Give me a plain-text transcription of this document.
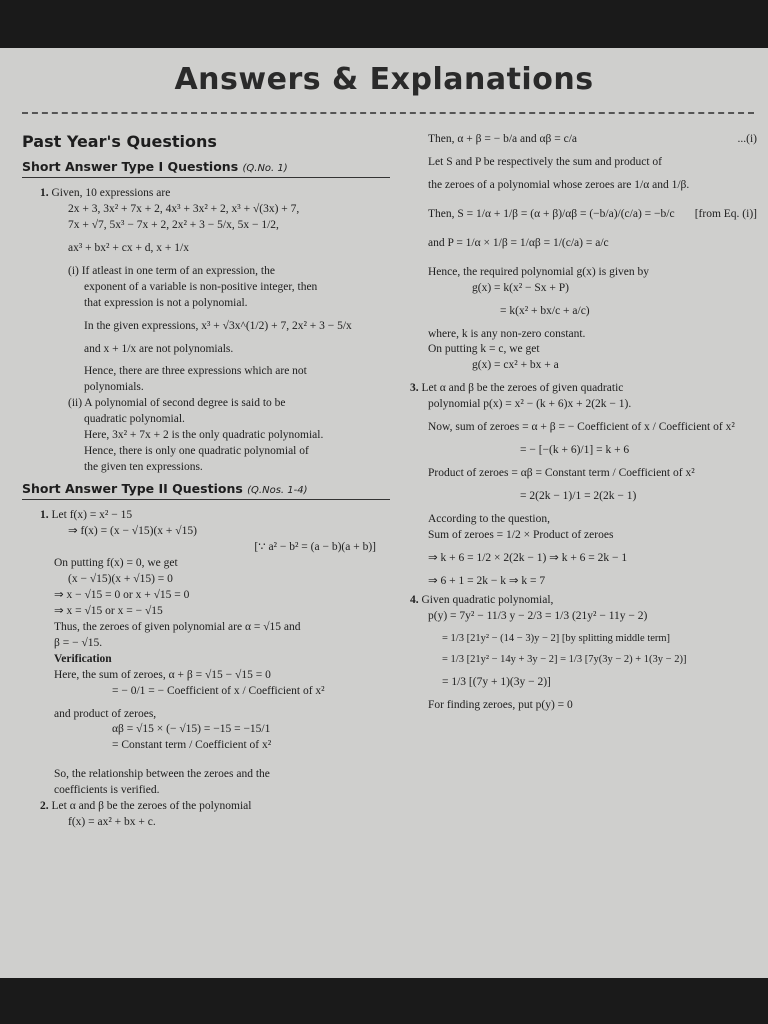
Answers & Explanations
Past Year's Questions
Short Answer Type I Questions (Q.No. 1)
1. Given, 10 expressions are
2x + 3, 3x² + 7x + 2, 4x³ + 3x² + 2, x³ + √(3x) + 7,
7x + √7, 5x³ − 7x + 2, 2x² + 3 − 5/x, 5x − 1/2,
ax³ + bx² + cx + d, x + 1/x
(i) If atleast in one term of an expression, the
exponent of a variable is non-positive integer, then
that expression is not a polynomial.
In the given expressions, x³ + √3x^(1/2) + 7, 2x² + 3 − 5/x
and x + 1/x are not polynomials.
Hence, there are three expressions which are not
polynomials.
(ii) A polynomial of second degree is said to be
quadratic polynomial.
Here, 3x² + 7x + 2 is the only quadratic polynomial.
Hence, there is only one quadratic polynomial of
the given ten expressions.
Short Answer Type II Questions (Q.Nos. 1-4)
1. Let f(x) = x² − 15
⇒ f(x) = (x − √15)(x + √15)
[∵ a² − b² = (a − b)(a + b)]
On putting f(x) = 0, we get
(x − √15)(x + √15) = 0
⇒ x − √15 = 0 or x + √15 = 0
⇒ x = √15 or x = − √15
Thus, the zeroes of given polynomial are α = √15 and
β = − √15.
Verification
Here, the sum of zeroes, α + β = √15 − √15 = 0
= − 0/1 = − Coefficient of x / Coefficient of x²
and product of zeroes,
αβ = √15 × (− √15) = −15 = −15/1
= Constant term / Coefficient of x²
So, the relationship between the zeroes and the
coefficients is verified.
2. Let α and β be the zeroes of the polynomial
f(x) = ax² + bx + c.
Then, α + β = − b/a and αβ = c/a	...(i)
Let S and P be respectively the sum and product of
the zeroes of a polynomial whose zeroes are 1/α and 1/β.
Then, S = 1/α + 1/β = (α + β)/αβ = (−b/a)/(c/a) = −b/c [from Eq. (i)]
and P = 1/α × 1/β = 1/αβ = 1/(c/a) = a/c
Hence, the required polynomial g(x) is given by
g(x) = k(x² − Sx + P)
= k(x² + bx/c + a/c)
where, k is any non-zero constant.
On putting k = c, we get
g(x) = cx² + bx + a
3. Let α and β be the zeroes of given quadratic
polynomial p(x) = x² − (k + 6)x + 2(2k − 1).
Now, sum of zeroes = α + β = − Coefficient of x / Coefficient of x²
= − [−(k + 6)/1] = k + 6
Product of zeroes = αβ = Constant term / Coefficient of x²
= 2(2k − 1)/1 = 2(2k − 1)
According to the question,
Sum of zeroes = 1/2 × Product of zeroes
⇒ k + 6 = 1/2 × 2(2k − 1) ⇒ k + 6 = 2k − 1
⇒ 6 + 1 = 2k − k ⇒ k = 7
4. Given quadratic polynomial,
p(y) = 7y² − 11/3 y − 2/3 = 1/3 (21y² − 11y − 2)
= 1/3 [21y² − (14 − 3)y − 2] [by splitting middle term]
= 1/3 [21y² − 14y + 3y − 2] = 1/3 [7y(3y − 2) + 1(3y − 2)]
= 1/3 [(7y + 1)(3y − 2)]
For finding zeroes, put p(y) = 0
